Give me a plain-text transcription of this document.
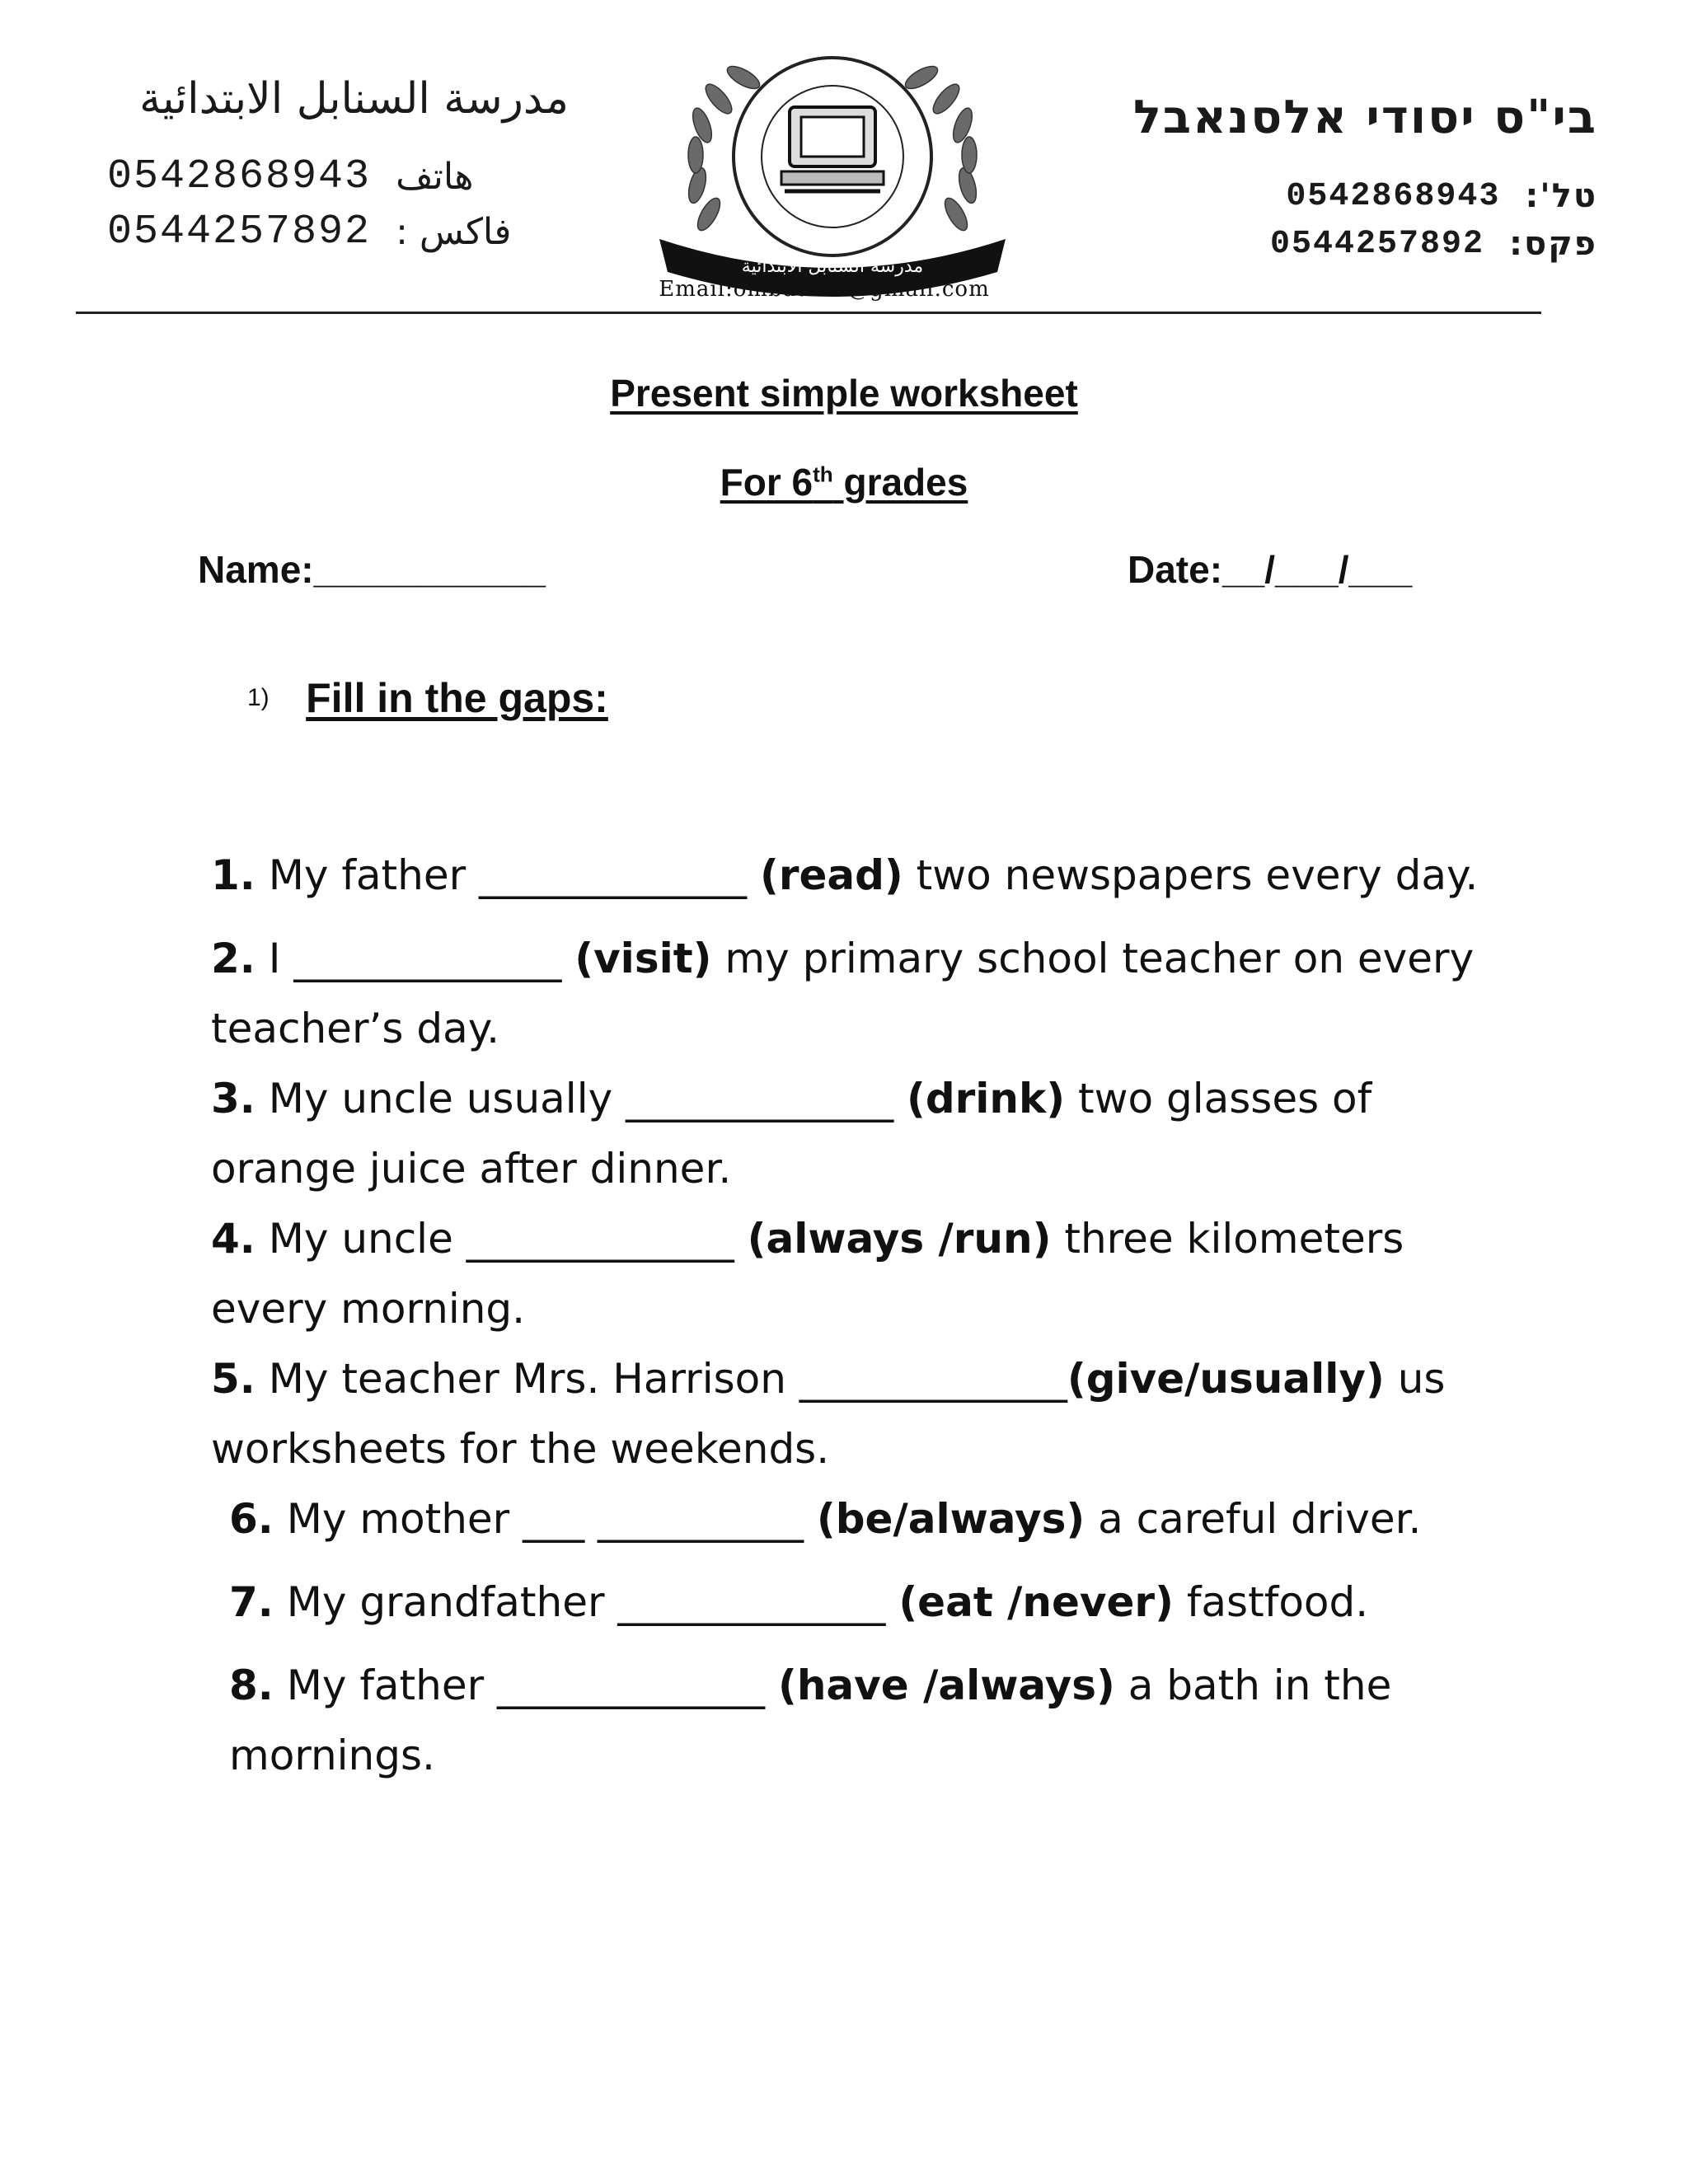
مدرسة السنابل الابتدائية
0542868943 هاتف
0544257892 فاكس :
مدرسة السنابل الابتدائية
Email:ombateen@gmail.com
בי"ס יסודי אלסנאבל
0542868943 טל':
0544257892 פקס:
Present simple worksheet
For 6th grades
Name:___________	Date:__/___/___
1) Fill in the gaps:

1. My father _____________ (read) two newspapers every day.

2. I _____________ (visit) my primary school teacher on every teacher’s day.

3. My uncle usually _____________ (drink) two glasses of orange juice after dinner.

4. My uncle _____________ (always /run) three kilometers every morning.

5. My teacher Mrs. Harrison _____________(give/usually) us worksheets for the weekends.

6. My mother ___ __________ (be/always) a careful driver.

7. My grandfather _____________ (eat /never) fastfood.

8. My father _____________ (have /always) a bath in the mornings.
